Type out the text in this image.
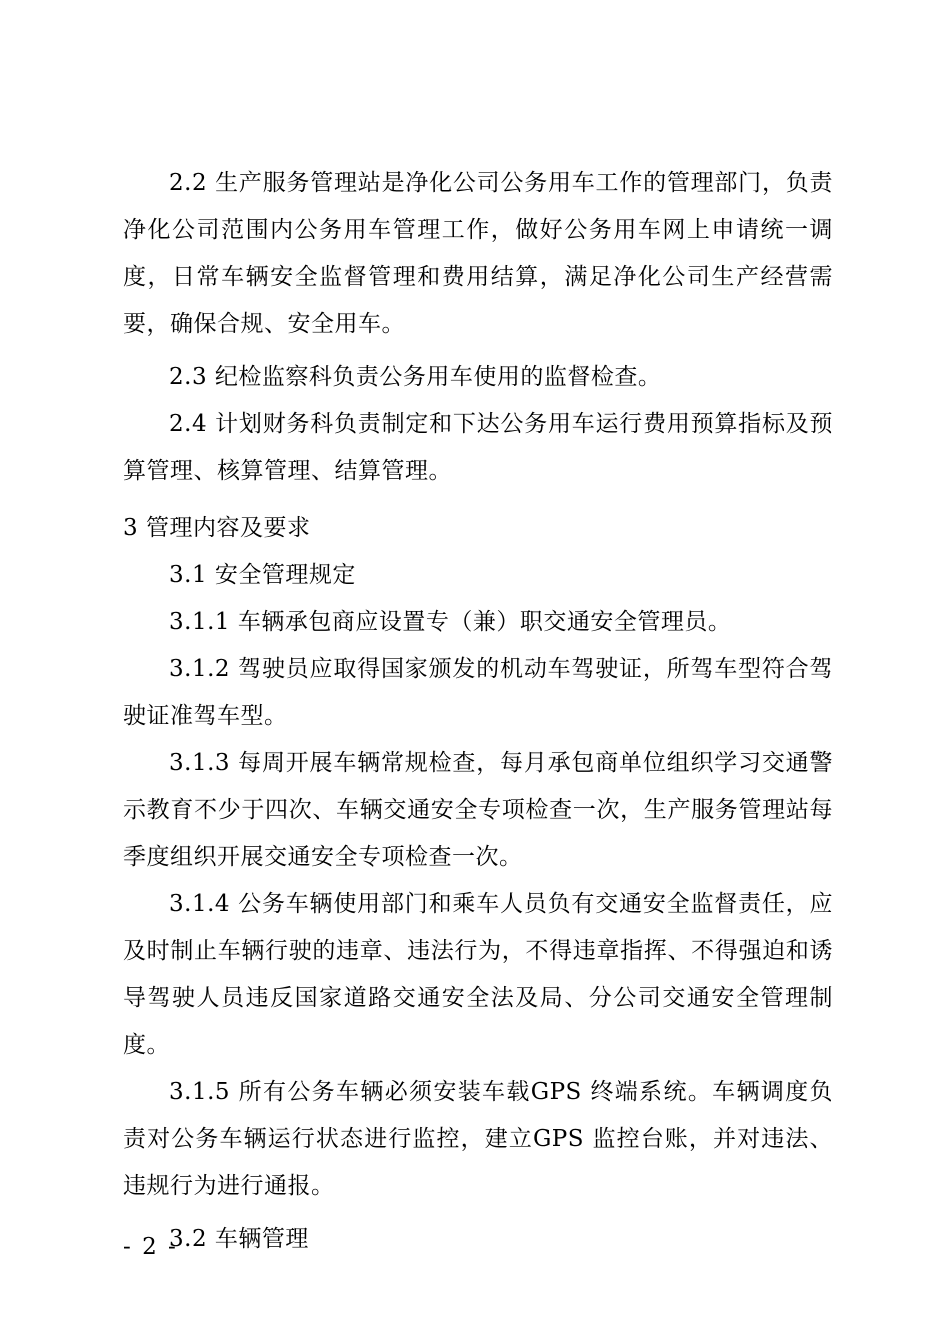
2.2 生产服务管理站是净化公司公务用车工作的管理部门，负责净化公司范围内公务用车管理工作，做好公务用车网上申请统一调度，日常车辆安全监督管理和费用结算，满足净化公司生产经营需要，确保合规、安全用车。

2.3 纪检监察科负责公务用车使用的监督检查。

2.4 计划财务科负责制定和下达公务用车运行费用预算指标及预算管理、核算管理、结算管理。

3 管理内容及要求

3.1 安全管理规定

3.1.1 车辆承包商应设置专（兼）职交通安全管理员。

3.1.2 驾驶员应取得国家颁发的机动车驾驶证，所驾车型符合驾驶证准驾车型。

3.1.3 每周开展车辆常规检查，每月承包商单位组织学习交通警示教育不少于四次、车辆交通安全专项检查一次，生产服务管理站每季度组织开展交通安全专项检查一次。

3.1.4 公务车辆使用部门和乘车人员负有交通安全监督责任，应及时制止车辆行驶的违章、违法行为，不得违章指挥、不得强迫和诱导驾驶人员违反国家道路交通安全法及局、分公司交通安全管理制度。

3.1.5 所有公务车辆必须安装车载GPS 终端系统。车辆调度负责对公务车辆运行状态进行监控，建立GPS 监控台账，并对违法、违规行为进行通报。

3.2 车辆管理

- 2 -
